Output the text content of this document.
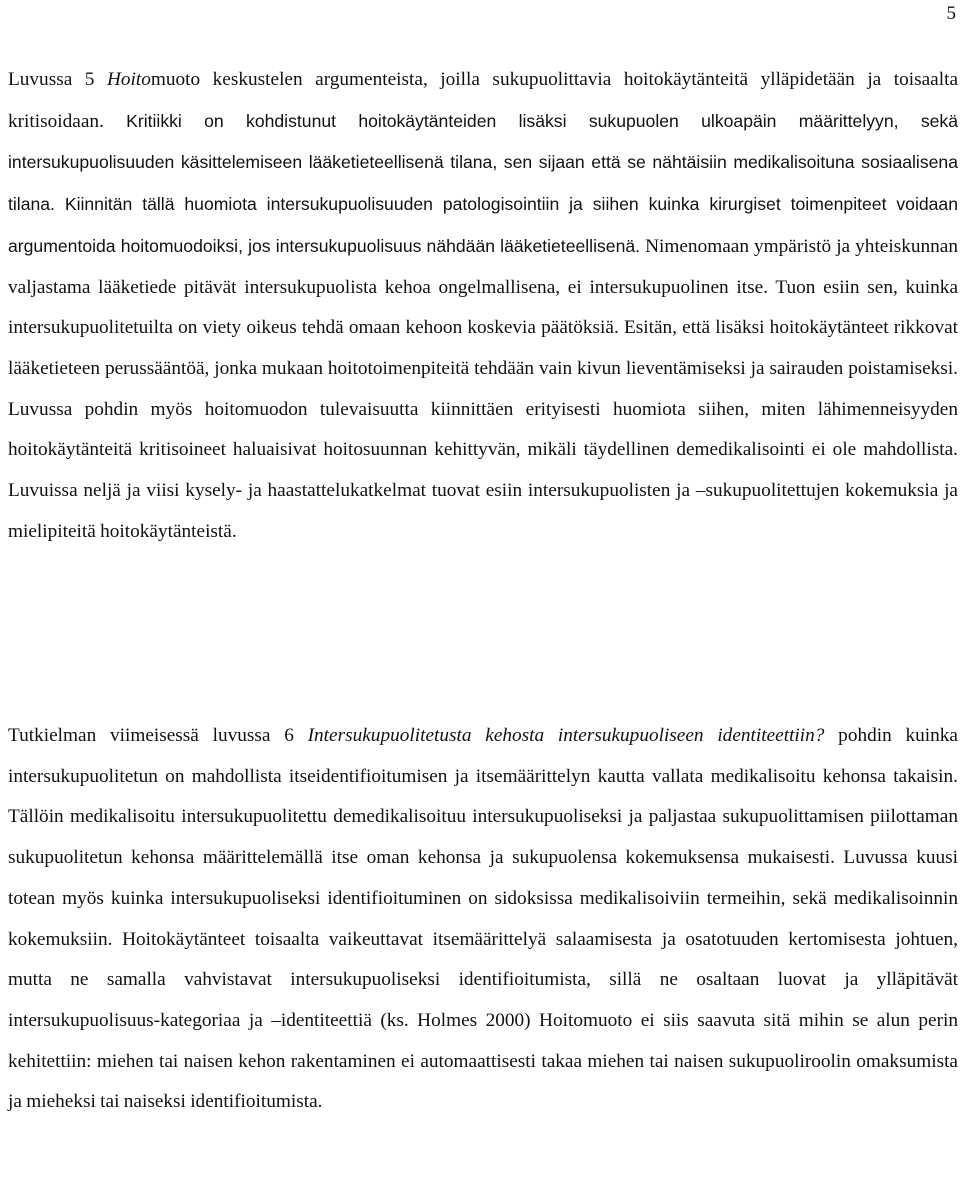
5

Luvussa 5 Hoitomuoto keskustelen argumenteista, joilla sukupuolittavia hoitokäytänteitä ylläpidetään ja toisaalta kritisoidaan. Kritiikki on kohdistunut hoitokäytänteiden lisäksi sukupuolen ulkoapäin määrittelyyn, sekä intersukupuolisuuden käsittelemiseen lääketieteellisenä tilana, sen sijaan että se nähtäisiin medikalisoituna sosiaalisena tilana. Kiinnitän tällä huomiota intersukupuolisuuden patologisointiin ja siihen kuinka kirurgiset toimenpiteet voidaan argumentoida hoitomuodoiksi, jos intersukupuolisuus nähdään lääketieteellisenä. Nimenomaan ympäristö ja yhteiskunnan valjastama lääketiede pitävät intersukupuolista kehoa ongelmallisena, ei intersukupuolinen itse. Tuon esiin sen, kuinka intersukupuolitetuilta on viety oikeus tehdä omaan kehoon koskevia päätöksiä. Esitän, että lisäksi hoitokäytänteet rikkovat lääketieteen perussääntöä, jonka mukaan hoitotoimenpiteitä tehdään vain kivun lieventämiseksi ja sairauden poistamiseksi. Luvussa pohdin myös hoitomuodon tulevaisuutta kiinnittäen erityisesti huomiota siihen, miten lähimenneisyyden hoitokäytänteitä kritisoineet haluaisivat hoitosuunnan kehittyvän, mikäli täydellinen demedikalisointi ei ole mahdollista. Luvuissa neljä ja viisi kysely- ja haastattelukatkelmat tuovat esiin intersukupuolisten ja –sukupuolitettujen kokemuksia ja mielipiteitä hoitokäytänteistä.

Tutkielman viimeisessä luvussa 6 Intersukupuolitetusta kehosta intersukupuoliseen identiteettiin? pohdin kuinka intersukupuolitetun on mahdollista itseidentifioitumisen ja itsemäärittelyn kautta vallata medikalisoitu kehonsa takaisin. Tällöin medikalisoitu intersukupuolitettu demedikalisoituu intersukupuoliseksi ja paljastaa sukupuolittamisen piilottaman sukupuolitetun kehonsa määrittelemällä itse oman kehonsa ja sukupuolensa kokemuksensa mukaisesti. Luvussa kuusi totean myös kuinka intersukupuoliseksi identifioituminen on sidoksissa medikalisoiviin termeihin, sekä medikalisoinnin kokemuksiin. Hoitokäytänteet toisaalta vaikeuttavat itsemäärittelyä salaamisesta ja osatotuuden kertomisesta johtuen, mutta ne samalla vahvistavat intersukupuoliseksi identifioitumista, sillä ne osaltaan luovat ja ylläpitävät intersukupuolisuus-kategoriaa ja –identiteettiä (ks. Holmes 2000) Hoitomuoto ei siis saavuta sitä mihin se alun perin kehitettiin: miehen tai naisen kehon rakentaminen ei automaattisesti takaa miehen tai naisen sukupuoliroolin omaksumista ja mieheksi tai naiseksi identifioitumista.
